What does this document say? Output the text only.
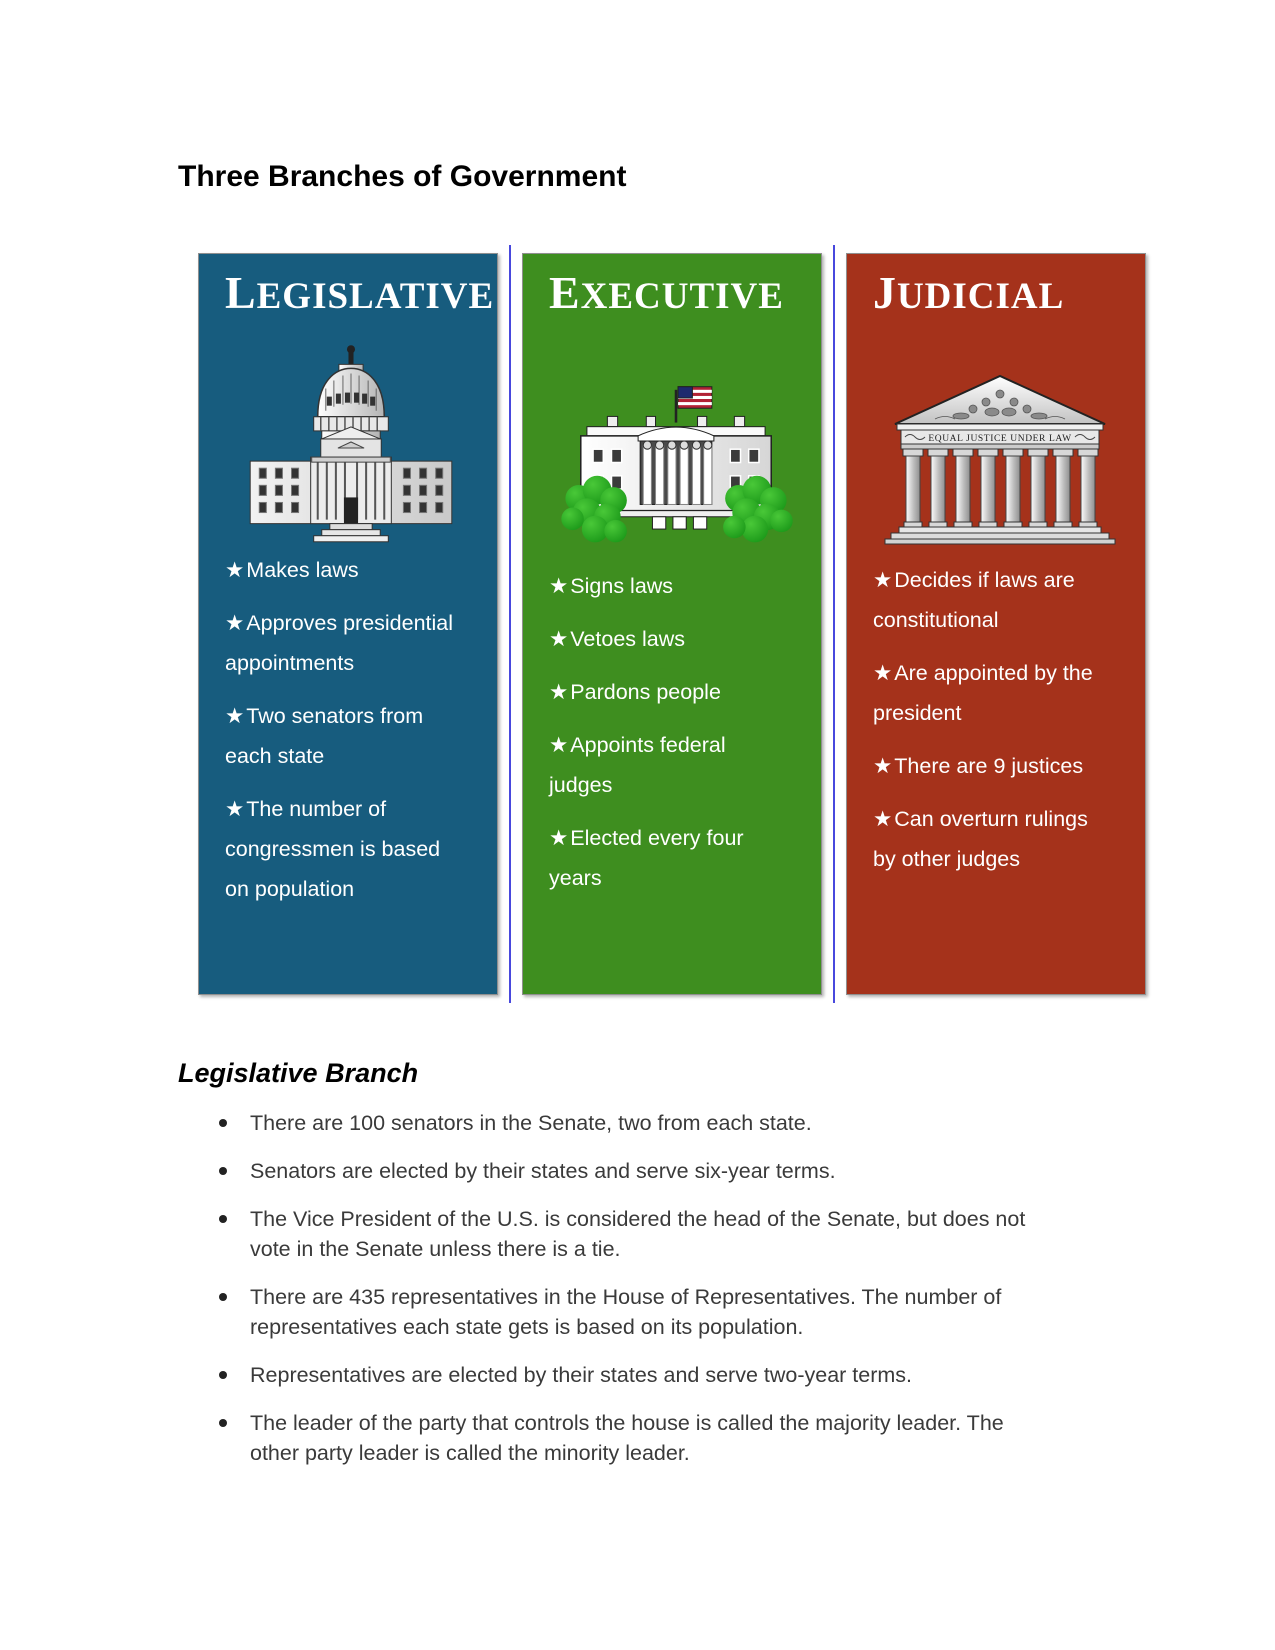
Three Branches of Government
LEGISLATIVE
★ Makes laws
★ Approves presidential appointments
★ Two senators from each state
★ The number of congressmen is based on population
EXECUTIVE
★ Signs laws
★ Vetoes laws
★ Pardons people
★ Appoints federal judges
★ Elected every four years
JUDICIAL
EQUAL JUSTICE UNDER LAW
★ Decides if laws are constitutional
★ Are appointed by the president
★ There are 9 justices
★ Can overturn rulings by other judges
Legislative Branch
There are 100 senators in the Senate, two from each state.
Senators are elected by their states and serve six-year terms.
The Vice President of the U.S. is considered the head of the Senate, but does not vote in the Senate unless there is a tie.
There are 435 representatives in the House of Representatives. The number of representatives each state gets is based on its population.
Representatives are elected by their states and serve two-year terms.
The leader of the party that controls the house is called the majority leader. The other party leader is called the minority leader.
